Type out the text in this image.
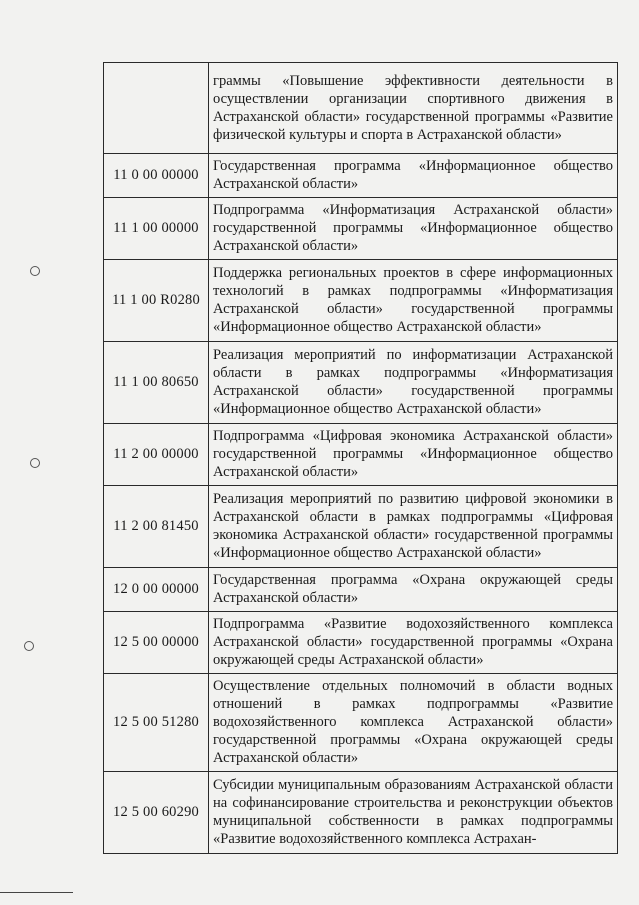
	граммы «Повышение эффективности деятельности в осуществлении организации спортивного движения в Астраханской области» государственной программы «Развитие физической культуры и спорта в Астраханской области»
11 0 00 00000	Государственная программа «Информационное общество Астраханской области»
11 1 00 00000	Подпрограмма «Информатизация Астраханской области» государственной программы «Информационное общество Астраханской области»
11 1 00 R0280	Поддержка региональных проектов в сфере информационных технологий в рамках подпрограммы «Информатизация Астраханской области» государственной программы «Информационное общество Астраханской области»
11 1 00 80650	Реализация мероприятий по информатизации Астраханской области в рамках подпрограммы «Информатизация Астраханской области» государственной программы «Информационное общество Астраханской области»
11 2 00 00000	Подпрограмма «Цифровая экономика Астраханской области» государственной программы «Информационное общество Астраханской области»
11 2 00 81450	Реализация мероприятий по развитию цифровой экономики в Астраханской области в рамках подпрограммы «Цифровая экономика Астраханской области» государственной программы «Информационное общество Астраханской области»
12 0 00 00000	Государственная программа «Охрана окружающей среды Астраханской области»
12 5 00 00000	Подпрограмма «Развитие водохозяйственного комплекса Астраханской области» государственной программы «Охрана окружающей среды Астраханской области»
12 5 00 51280	Осуществление отдельных полномочий в области водных отношений в рамках подпрограммы «Развитие водохозяйственного комплекса Астраханской области» государственной программы «Охрана окружающей среды Астраханской области»
12 5 00 60290	Субсидии муниципальным образованиям Астраханской области на софинансирование строительства и реконструкции объектов муниципальной собственности в рамках подпрограммы «Развитие водохозяйственного комплекса Астрахан-
